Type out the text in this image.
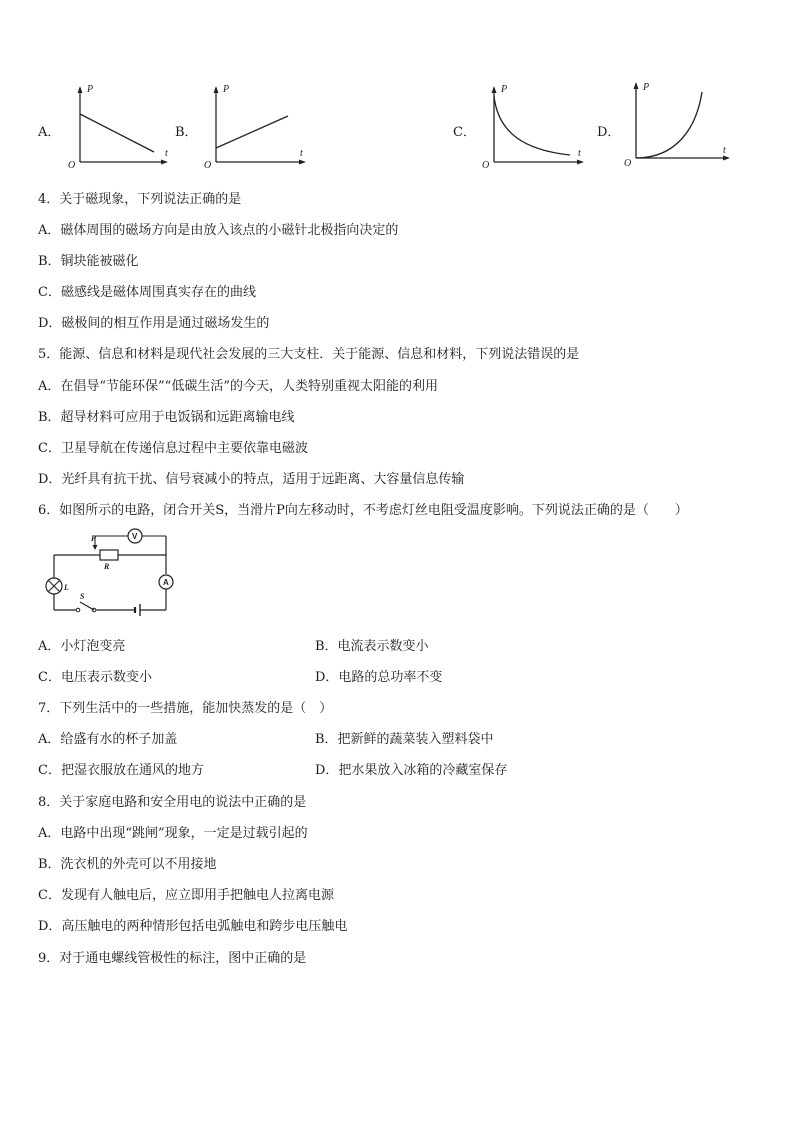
A．
P
t
O
B．
P
t
O
C．
P
t
O
D．
P
t
O
4．关于磁现象，下列说法正确的是
A．磁体周围的磁场方向是由放入该点的小磁针北极指向决定的
B．铜块能被磁化
C．磁感线是磁体周围真实存在的曲线
D．磁极间的相互作用是通过磁场发生的
5．能源、信息和材料是现代社会发展的三大支柱．关于能源、信息和材料，下列说法错误的是
A．在倡导“节能环保”“低碳生活”的今天，人类特别重视太阳能的利用
B．超导材料可应用于电饭锅和远距离输电线
C．卫星导航在传递信息过程中主要依靠电磁波
D．光纤具有抗干扰、信号衰减小的特点，适用于远距离、大容量信息传输
6．如图所示的电路，闭合开关S，当滑片P向左移动时，不考虑灯丝电阻受温度影响。下列说法正确的是（　　）
P
R
V
A
S
L
A．小灯泡变亮	B．电流表示数变小
C．电压表示数变小	D．电路的总功率不变
7．下列生活中的一些措施，能加快蒸发的是（　）
A．给盛有水的杯子加盖	B．把新鲜的蔬菜装入塑料袋中
C．把湿衣服放在通风的地方	D．把水果放入冰箱的冷藏室保存
8．关于家庭电路和安全用电的说法中正确的是
A．电路中出现“跳闸”现象，一定是过载引起的
B．洗衣机的外壳可以不用接地
C．发现有人触电后，应立即用手把触电人拉离电源
D．高压触电的两种情形包括电弧触电和跨步电压触电
9．对于通电螺线管极性的标注，图中正确的是
